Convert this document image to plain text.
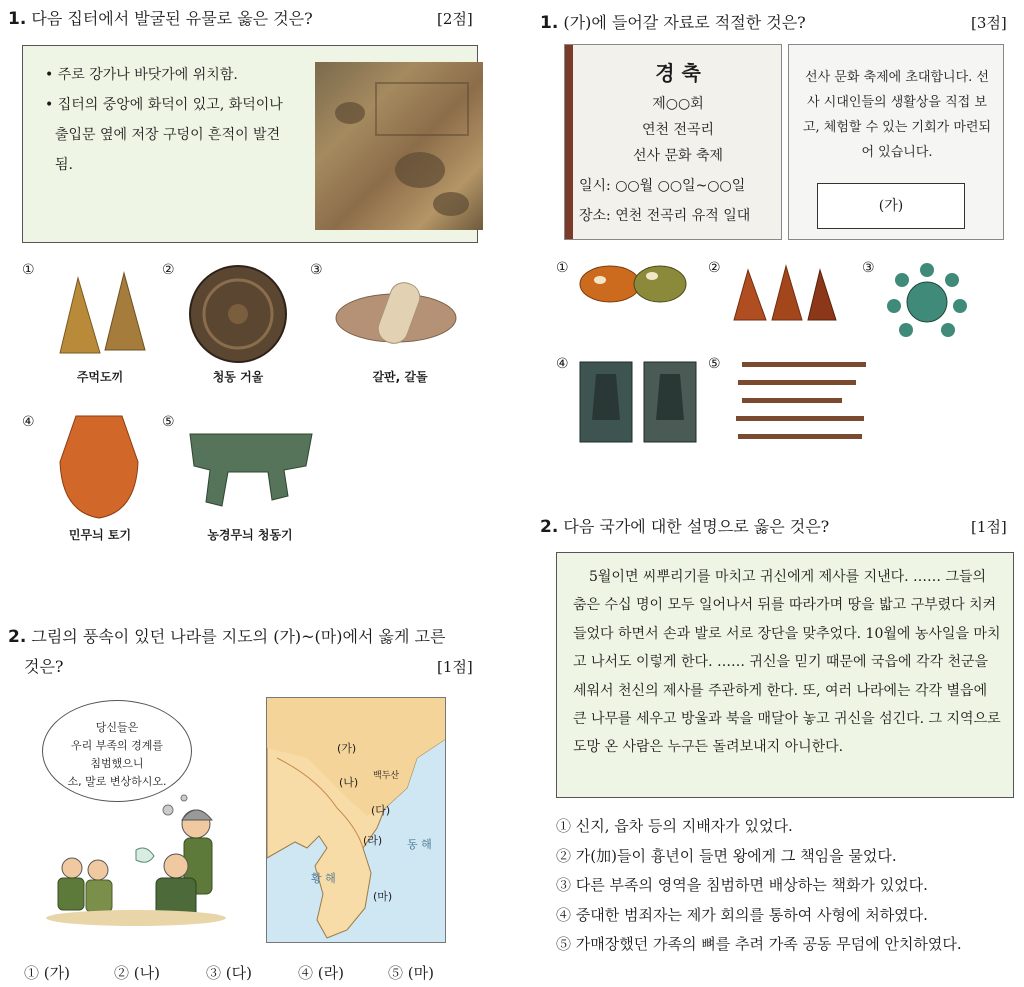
1. 다음 집터에서 발굴된 유물로 옳은 것은?	[2점]
• 주로 강가나 바닷가에 위치함.
• 집터의 중앙에 화덕이 있고, 화덕이나 출입문 옆에 저장 구덩이 흔적이 발견됨.
①
주먹도끼
②
청동 거울
③
갈판, 갈돌
④
민무늬 토기
⑤
농경무늬 청동기
2. 그림의 풍속이 있던 나라를 지도의 (가)~(마)에서 옳게 고른
것은?	[1점]
당신들은
우리 부족의 경계를
침범했으니
소, 말로 변상하시오.
(가)
(나) 백두산
(다)
(라) 동 해
황 해
(마)
① (가)	② (나)	③ (다)	④ (라)	⑤ (마)
1. (가)에 들어갈 자료로 적절한 것은?	[3점]
경 축
제○○회
연천 전곡리
선사 문화 축제
일시: ○○월 ○○일~○○일
장소: 연천 전곡리 유적 일대
선사 문화 축제에 초대합니다. 선사 시대인들의 생활상을 직접 보고, 체험할 수 있는 기회가 마련되어 있습니다.
(가)
①	②	③
④	⑤
2. 다음 국가에 대한 설명으로 옳은 것은?	[1점]

5월이면 씨뿌리기를 마치고 귀신에게 제사를 지낸다. …… 그들의 춤은 수십 명이 모두 일어나서 뒤를 따라가며 땅을 밟고 구부렸다 치켜들었다 하면서 손과 발로 서로 장단을 맞추었다. 10월에 농사일을 마치고 나서도 이렇게 한다. …… 귀신을 믿기 때문에 국읍에 각각 천군을 세워서 천신의 제사를 주관하게 한다. 또, 여러 나라에는 각각 별읍에 큰 나무를 세우고 방울과 북을 매달아 놓고 귀신을 섬긴다. 그 지역으로 도망 온 사람은 누구든 돌려보내지 아니한다.

① 신지, 읍차 등의 지배자가 있었다.
② 가(加)들이 흉년이 들면 왕에게 그 책임을 물었다.
③ 다른 부족의 영역을 침범하면 배상하는 책화가 있었다.
④ 중대한 범죄자는 제가 회의를 통하여 사형에 처하였다.
⑤ 가매장했던 가족의 뼈를 추려 가족 공동 무덤에 안치하였다.
